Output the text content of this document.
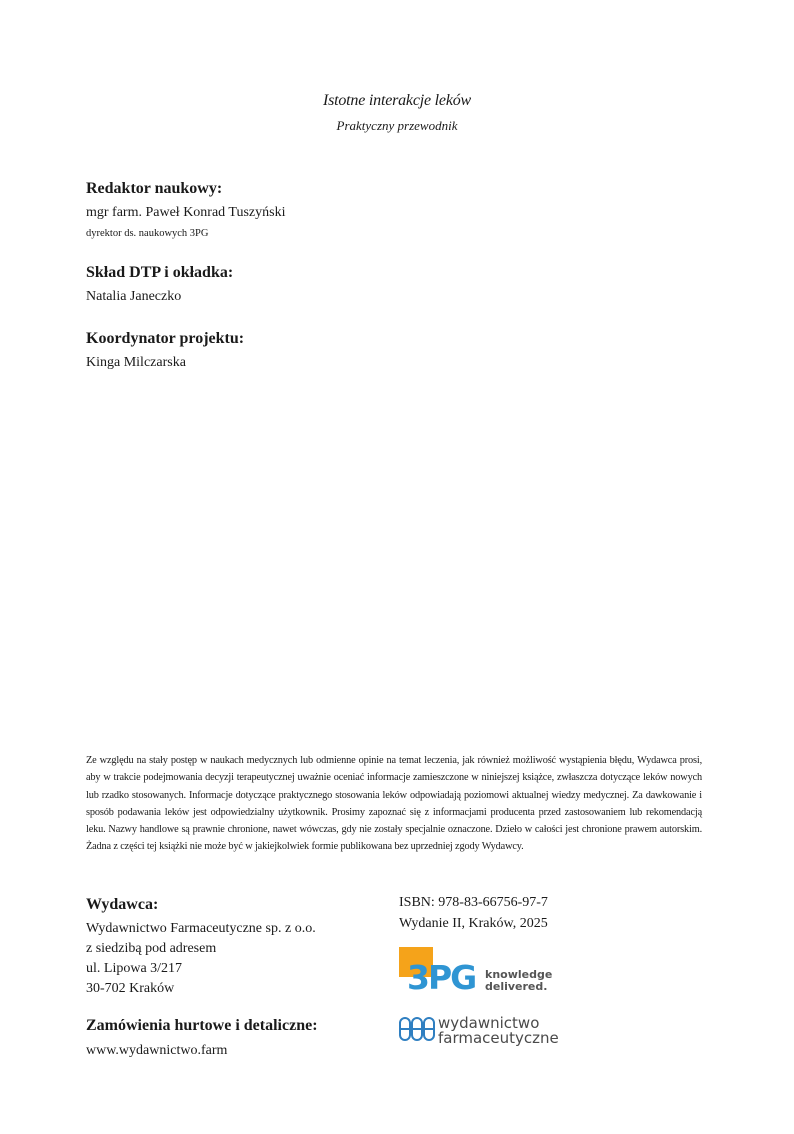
Istotne interakcje leków
Praktyczny przewodnik
Redaktor naukowy:
mgr farm. Paweł Konrad Tuszyński
dyrektor ds. naukowych 3PG
Skład DTP i okładka:
Natalia Janeczko
Koordynator projektu:
Kinga Milczarska
Ze względu na stały postęp w naukach medycznych lub odmienne opinie na temat leczenia, jak również możliwość wystąpienia błędu, Wydawca prosi, aby w trakcie podejmowania decyzji terapeutycznej uważnie oceniać informacje zamieszczone w niniejszej książce, zwłaszcza dotyczące leków nowych lub rzadko stosowanych. Informacje dotyczące praktycznego stosowania leków odpowiadają poziomowi aktualnej wiedzy medycznej. Za dawkowanie i sposób podawania leków jest odpowiedzialny użytkownik. Prosimy zapoznać się z informacjami producenta przed zastosowaniem lub rekomendacją leku. Nazwy handlowe są prawnie chronione, nawet wówczas, gdy nie zostały specjalnie oznaczone. Dzieło w całości jest chronione prawem autorskim. Żadna z części tej książki nie może być w jakiejkolwiek formie publikowana bez uprzedniej zgody Wydawcy.
Wydawca:
Wydawnictwo Farmaceutyczne sp. z o.o.
z siedzibą pod adresem
ul. Lipowa 3/217
30-702 Kraków
Zamówienia hurtowe i detaliczne:
www.wydawnictwo.farm
ISBN: 978-83-66756-97-7
Wydanie II, Kraków, 2025
3PG knowledge
delivered.
wydawnictwo
farmaceutyczne
